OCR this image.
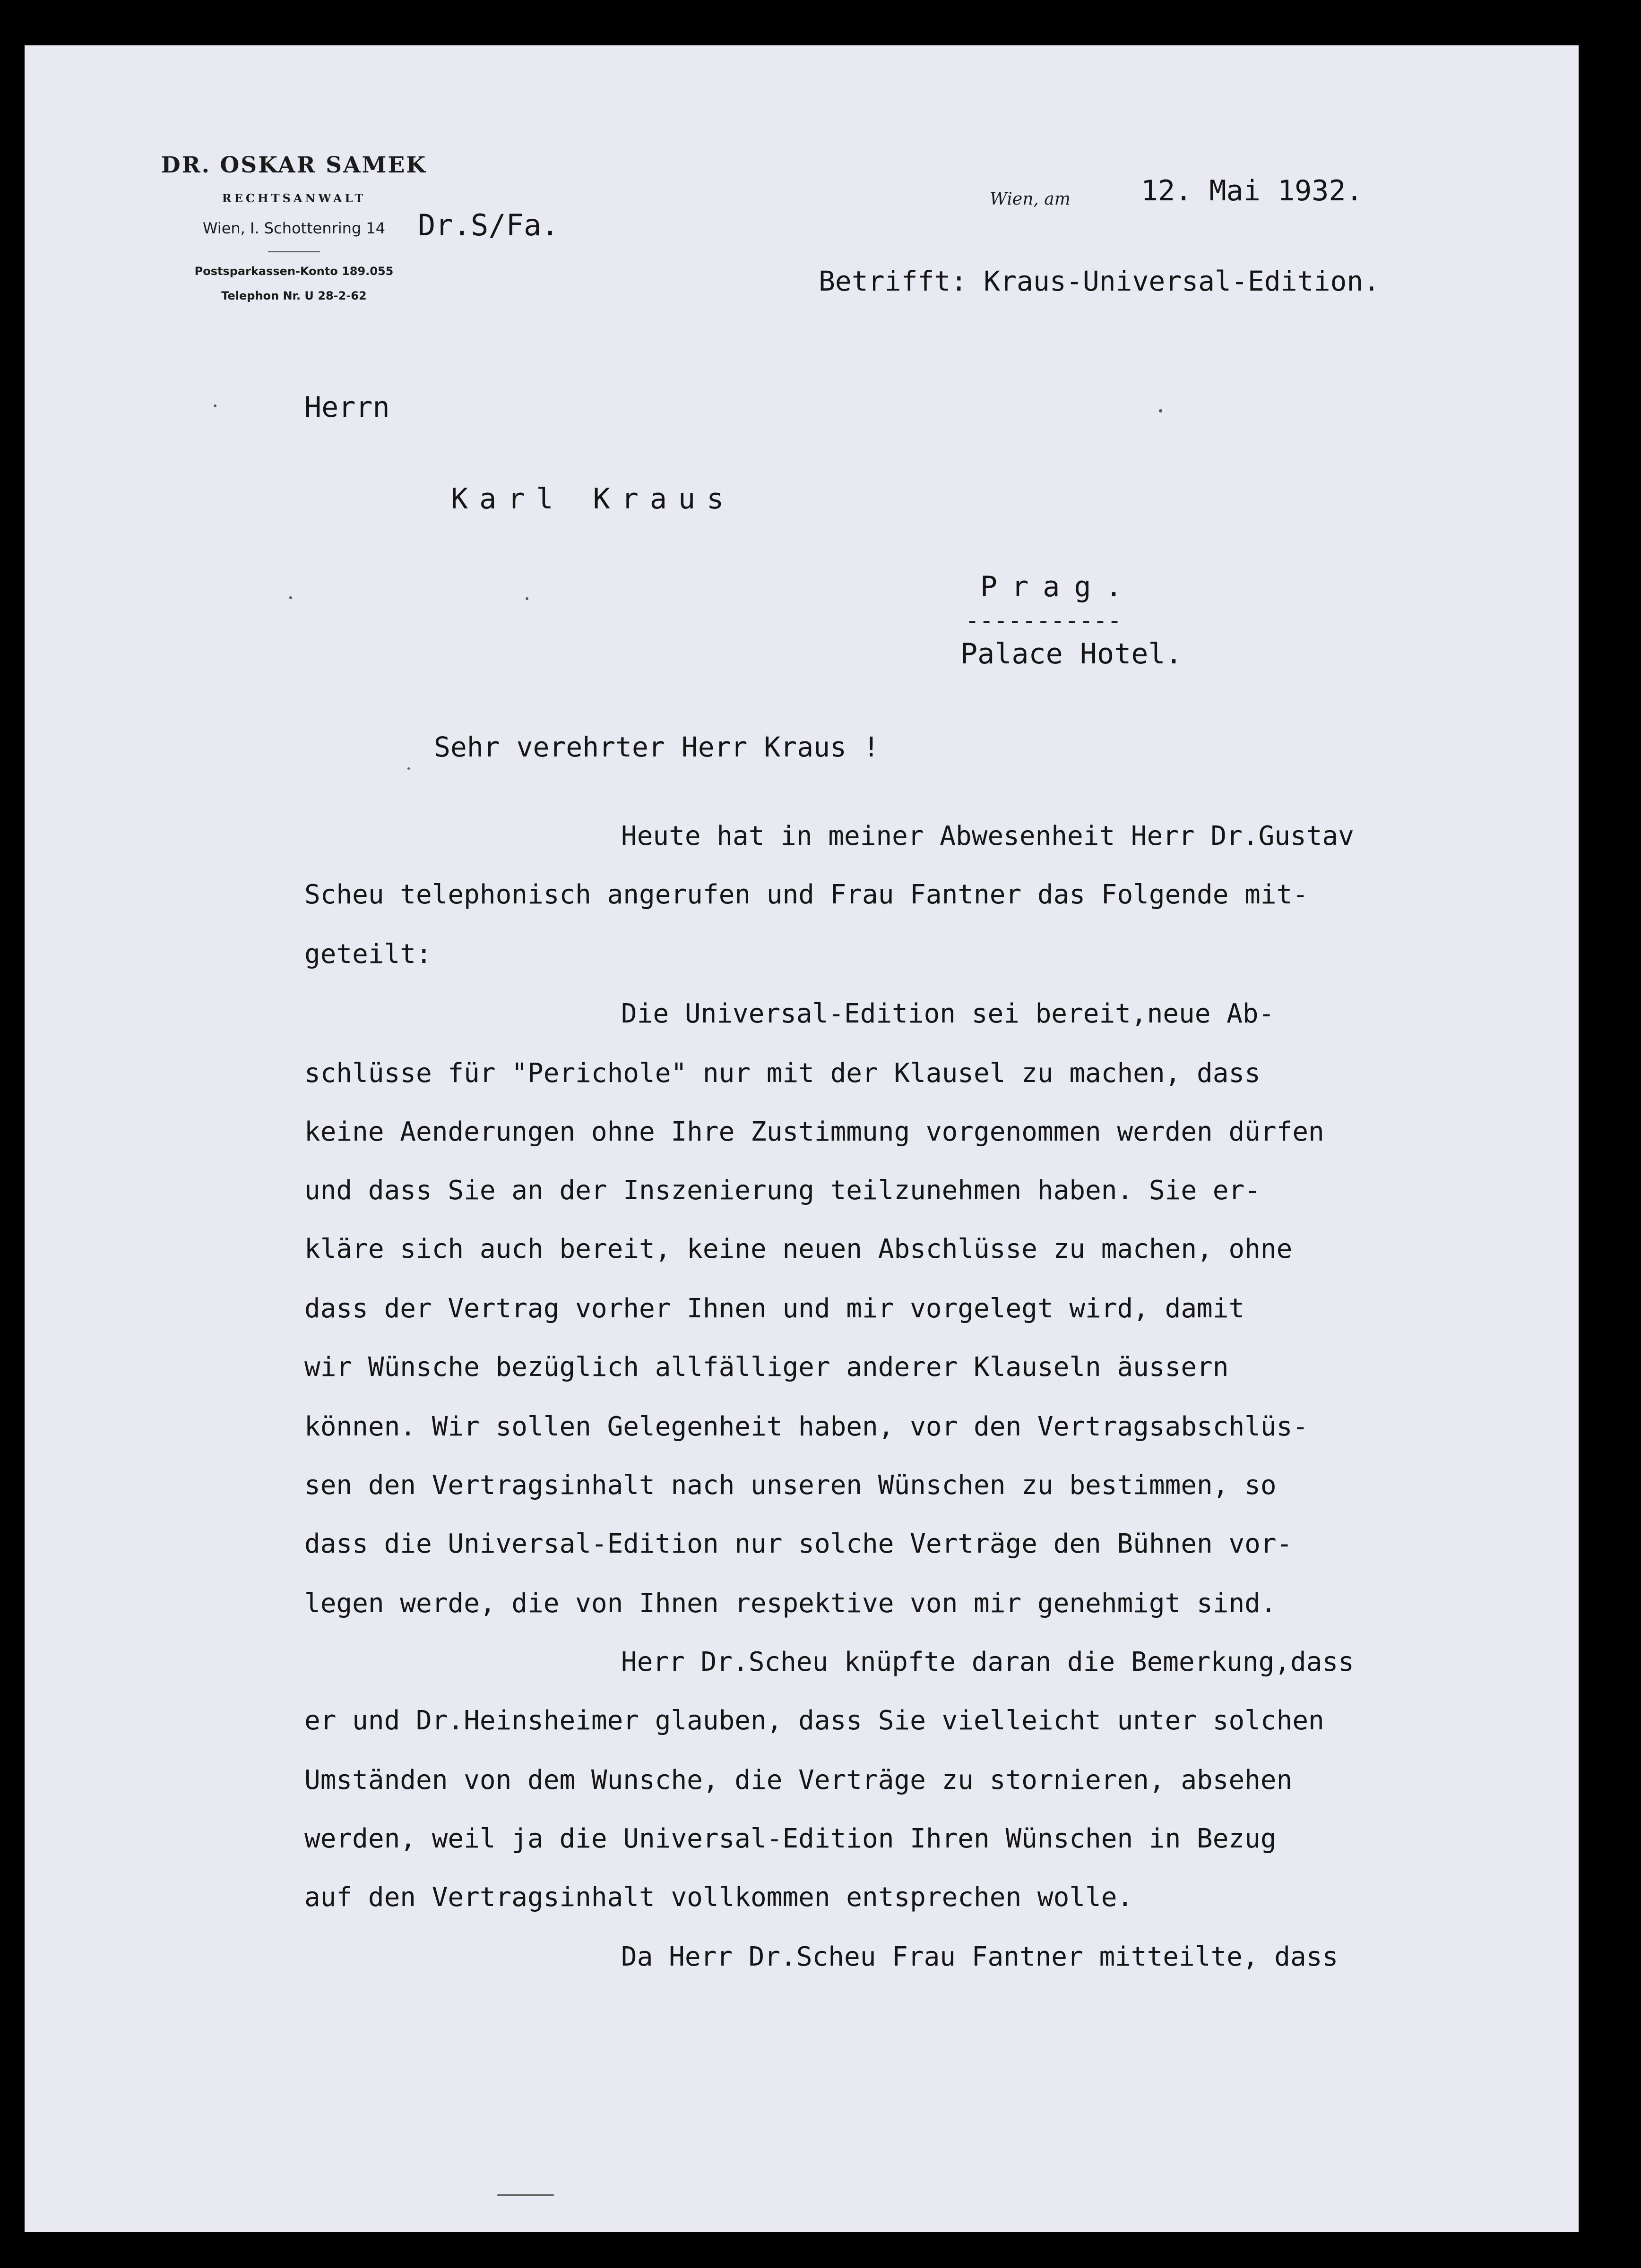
DR. OSKAR SAMEK
RECHTSANWALT
Wien, I. Schottenring 14
Postsparkassen-Konto 189.055
Telephon Nr. U 28-2-62
Dr.S/Fa.
Wien, am 12. Mai 1932.
Betrifft: Kraus-Universal-Edition.
Herrn
Karl Kraus
Prag.
-----------
Palace Hotel.
Sehr verehrter Herr Kraus !
Heute hat in meiner Abwesenheit Herr Dr.Gustav
Scheu telephonisch angerufen und Frau Fantner das Folgende mit-
geteilt:
Die Universal-Edition sei bereit,neue Ab-
schlüsse für "Perichole" nur mit der Klausel zu machen, dass
keine Aenderungen ohne Ihre Zustimmung vorgenommen werden dürfen
und dass Sie an der Inszenierung teilzunehmen haben. Sie er-
kläre sich auch bereit, keine neuen Abschlüsse zu machen, ohne
dass der Vertrag vorher Ihnen und mir vorgelegt wird, damit
wir Wünsche bezüglich allfälliger anderer Klauseln äussern
können. Wir sollen Gelegenheit haben, vor den Vertragsabschlüs-
sen den Vertragsinhalt nach unseren Wünschen zu bestimmen, so
dass die Universal-Edition nur solche Verträge den Bühnen vor-
legen werde, die von Ihnen respektive von mir genehmigt sind.
Herr Dr.Scheu knüpfte daran die Bemerkung,dass
er und Dr.Heinsheimer glauben, dass Sie vielleicht unter solchen
Umständen von dem Wunsche, die Verträge zu stornieren, absehen
werden, weil ja die Universal-Edition Ihren Wünschen in Bezug
auf den Vertragsinhalt vollkommen entsprechen wolle.
Da Herr Dr.Scheu Frau Fantner mitteilte, dass
